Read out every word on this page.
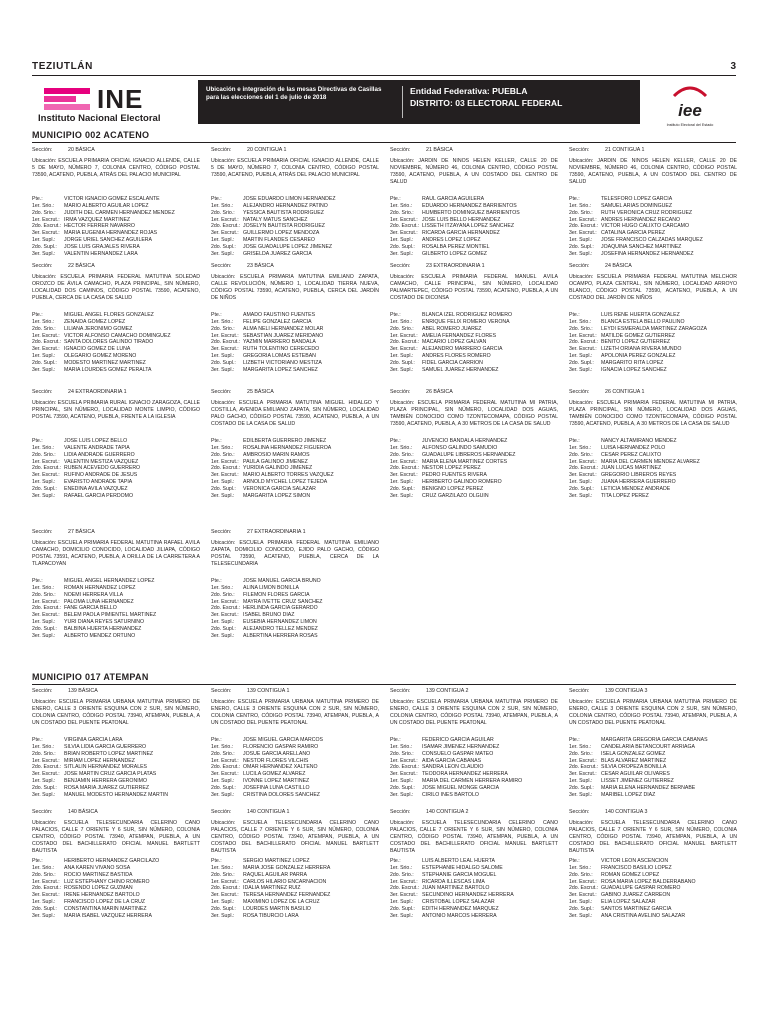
TEZIUTLÁN	3
INE
Instituto Nacional Electoral
Ubicación e integración de las mesas Directivas de Casillas para las elecciones del 1 de julio de 2018
Entidad Federativa: PUEBLA
DISTRITO: 03 ELECTORAL FEDERAL	iee
Instituto Electoral del Estado
MUNICIPIO 002 ACATENO
Sección:	20 BÁSICA
Ubicación: ESCUELA PRIMARIA OFICIAL IGNACIO ALLENDE, CALLE 5 DE MAYO, NÚMERO 7, COLONIA CENTRO, CÓDIGO POSTAL 73590, ACATENO, PUEBLA, ATRÁS DEL PALACIO MUNICIPAL
Pte.:	VICTOR IGNACIO GOMEZ ESCALANTE
1er. Srio.: MARIO ALBERTO AGUILAR LOPEZ
2do. Srio.: JUDITH DEL CARMEN HERNANDEZ MENDEZ
1er. Escrut.: IRMA VAZQUEZ MARTINEZ
2do. Escrut.: HECTOR FERRER NAVARRO
3er. Escrut.: MARIA EUGENIA HERNANDEZ ROJAS
1er. Supl.: JORGE URIEL SANCHEZ AGUILERA
2do. Supl.: JOSE LUIS GRAJALES RIVERA
3er. Supl.: VALENTIN HERNANDEZ LARA
Sección:	20 CONTIGUA 1
Ubicación: ESCUELA PRIMARIA OFICIAL IGNACIO ALLENDE, CALLE 5 DE MAYO, NÚMERO 7, COLONIA CENTRO, CÓDIGO POSTAL 73590, ACATENO, PUEBLA, ATRÁS DEL PALACIO MUNICIPAL
Pte.:	JOSE EDUARDO LIMON HERNANDEZ
1er. Srio.: ALEJANDRO HERNANDEZ PATIÑO
2do. Srio.: YESSICA BAUTISTA RODRIGUEZ
1er. Escrut.: NATALY MATUS SANCHEZ
2do. Escrut.: JOSELYN BAUTISTA RODRIGUEZ
3er. Escrut.: GUILLERMO LOPEZ MENDOZA
1er. Supl.: MARTIN FLANDES CESAREO
2do. Supl.: JOSE GUADALUPE LOPEZ JIMENEZ
3er. Supl.: GRISELDA JUAREZ GARCIA
Sección:	21 BÁSICA
Ubicación: JARDÍN DE NIÑOS HELEN KELLER, CALLE 20 DE NOVIEMBRE, NÚMERO 46, COLONIA CENTRO, CÓDIGO POSTAL 73590, ACATENO, PUEBLA, A UN COSTADO DEL CENTRO DE SALUD
Pte.:	RAUL GARCIA AGUILERA
1er. Srio.: EDUARDO HERNANDEZ BARRIENTOS
2do. Srio.: HUMBERTO DOMINGUEZ BARRIENTOS
1er. Escrut.: JOSE LUIS BELLO HERNANDEZ
2do. Escrut.: LISSETH ITZAYANA LOPEZ SANCHEZ
3er. Escrut.: RICARDA GARCIA HERNANDEZ
1er. Supl.: ANDRES LOPEZ LOPEZ
2do. Supl.: ROSALBA PEREZ MONTIEL
3er. Supl.: GILBERTO LOPEZ GOMEZ
Sección:	21 CONTIGUA 1
Ubicación: JARDÍN DE NIÑOS HELEN KELLER, CALLE 20 DE NOVIEMBRE, NÚMERO 46, COLONIA CENTRO, CÓDIGO POSTAL 73590, ACATENO, PUEBLA, A UN COSTADO DEL CENTRO DE SALUD
Pte.:	TELESFORO LOPEZ GARCIA
1er. Srio.: SAMUEL ARIAS DOMINGUEZ
2do. Srio.: RUTH VERONICA CRUZ RODRIGUEZ
1er. Escrut.: ANDRES HERNANDEZ RECAÑO
2do. Escrut.: VICTOR HUGO CALIXTO CARCAMO
3er. Escrut.: CATALINA GARCIA PEREZ
1er. Supl.: JOSE FRANCISCO CALZADAS MARQUEZ
2do. Supl.: JOAQUINA SANCHEZ MARTINEZ
3er. Supl.: JOSEFINA HERNANDEZ HERNANDEZ
Sección:	22 BÁSICA
Ubicación: ESCUELA PRIMARIA FEDERAL MATUTINA SOLEDAD OROZCO DE ÁVILA CAMACHO, PLAZA PRINCIPAL, SIN NÚMERO, LOCALIDAD DOS CAMINOS, CÓDIGO POSTAL 73590, ACATENO, PUEBLA, CERCA DE LA CASA DE SALUD
Pte.:	MIGUEL ANGEL FLORES GONZALEZ
1er. Srio.: ZENAIDA GOMEZ LOPEZ
2do. Srio.: LILIANA JERONIMO GOMEZ
1er. Escrut.: VICTOR ALFONSO CAMACHO DOMINGUEZ
2do. Escrut.: SANTA DOLORES GALINDO TIRADO
3er. Escrut.: IGNACIO GOMEZ DE LUNA
1er. Supl.: OLEGARIO GOMEZ MORENO
2do. Supl.: MODESTO MARTINEZ MARTINEZ
3er. Supl.: MARIA LOURDES GOMEZ PERALTA
Sección:	23 BÁSICA
Ubicación: ESCUELA PRIMARIA MATUTINA EMILIANO ZAPATA, CALLE REVOLUCIÓN, NÚMERO 1, LOCALIDAD TIERRA NUEVA, CÓDIGO POSTAL 73590, ACATENO, PUEBLA, CERCA DEL JARDÍN DE NIÑOS
Pte.:	AMADO FAUSTINO FUENTES
1er. Srio.: FELIPE GONZALEZ GARCIA
2do. Srio.: ALMA NELI HERNANDEZ MOLAR
1er. Escrut.: SEBASTIAN JUAREZ MERIDANO
2do. Escrut.: YAZMIN MARRERO BANDALA
3er. Escrut.: RUTH TOLENTINO CERECEDO
1er. Supl.: GREGORIA LOMAS ESTEBAN
2do. Supl.: LIZBETH VICTORIANO MESTIZA
3er. Supl.: MARGARITA LOPEZ SANCHEZ
Sección:	23 EXTRAORDINARIA 1
Ubicación: ESCUELA PRIMARIA FEDERAL MANUEL ÁVILA CAMACHO, CALLE PRINCIPAL, SIN NÚMERO, LOCALIDAD PALMARTEPEC, CÓDIGO POSTAL 73590, ACATENO, PUEBLA, A UN COSTADO DE DICONSA
Pte.:	BLANCA IZEL RODRIGUEZ ROMERO
1er. Srio.: ENRIQUE FELIX ROMERO VERONA
2do. Srio.: ABEL ROMERO JUAREZ
1er. Escrut.: AMELIA FERNANDEZ FLORES
2do. Escrut.: MACARIO LOPEZ GALVAN
3er. Escrut.: ALEJANDRO MARRERO GARCIA
1er. Supl.: ANDRES FLORES ROMERO
2do. Supl.: FIDEL GARCIA CARRION
3er. Supl.: SAMUEL JUAREZ HERNANDEZ
Sección:	24 BÁSICA
Ubicación: ESCUELA PRIMARIA FEDERAL MATUTINA MELCHOR OCAMPO, PLAZA CENTRAL, SIN NÚMERO, LOCALIDAD ARROYO BLANCO, CÓDIGO POSTAL 73590, ACATENO, PUEBLA, A UN COSTADO DEL JARDÍN DE NIÑOS
Pte.:	LUIS RENE HUERTA GONZALEZ
1er. Srio.: BLANCA ESTELA BELLO PAULINO
2do. Srio.: LEYDI ESMERALDA MARTINEZ ZARAGOZA
1er. Escrut.: MATILDE GOMEZ GUTIERREZ
2do. Escrut.: BENITO LOPEZ GUTIERREZ
3er. Escrut.: LIZETH ORIANA RIVERA MUNDO
1er. Supl.: APOLONIA PEREZ GONZALEZ
2do. Supl.: MARGARITO RITA LOPEZ
3er. Supl.: IGNACIA LOPEZ SANCHEZ
Sección:	24 EXTRAORDINARIA 1
Ubicación: ESCUELA PRIMARIA RURAL IGNACIO ZARAGOZA, CALLE PRINCIPAL, SIN NÚMERO, LOCALIDAD MONTE LIMPIO, CÓDIGO POSTAL 73590, ACATENO, PUEBLA, FRENTE A LA IGLESIA
Pte.:	JOSE LUIS LOPEZ BELLO
1er. Srio.: VALENTE ANDRADE TAPIA
2do. Srio.: LIDIA ANDRADE GUERRERO
1er. Escrut.: VALENTIN MESTIZA VAZQUEZ
2do. Escrut.: RUBEN ACEVEDO GUERRERO
3er. Escrut.: RUFINO ANDRADE DE JESUS
1er. Supl.: EVARISTO ANDRADE TAPIA
2do. Supl.: ENEDINA AVILA VAZQUEZ
3er. Supl.: RAFAEL GARCIA PERDOMO
Sección:	25 BÁSICA
Ubicación: ESCUELA PRIMARIA MATUTINA MIGUEL HIDALGO Y COSTILLA, AVENIDA EMILIANO ZAPATA, SIN NÚMERO, LOCALIDAD PALO GACHO, CÓDIGO POSTAL 73590, ACATENO, PUEBLA, A UN COSTADO DE LA CASA DE SALUD
Pte.:	EDILBERTA GUERRERO JIMENEZ
1er. Srio.: ROSALINA HERNANDEZ FIGUEROA
2do. Srio.: AMBROSIO MARIN RAMOS
1er. Escrut.: PAULA GALINDO JIMENEZ
2do. Escrut.: YURIDIA GALINDO JIMENEZ
3er. Escrut.: MARIO ALBERTO TORRES VAZQUEZ
1er. Supl.: ARNOLD MYCHEL LOPEZ TEJEDA
2do. Supl.: VERONICA GARCIA SALAZAR
3er. Supl.: MARGARITA LOPEZ SIMON
Sección:	26 BÁSICA
Ubicación: ESCUELA PRIMARIA FEDERAL MATUTINA MI PATRIA, PLAZA PRINCIPAL, SIN NÚMERO, LOCALIDAD DOS AGUAS, TAMBIÉN CONOCIDO COMO TZONTECOMAPA, CÓDIGO POSTAL 73590, ACATENO, PUEBLA, A 30 METROS DE LA CASA DE SALUD
Pte.:	JUVENCIO BANDALA HERNANDEZ
1er. Srio.: ALFONSO GALINDO SAMUDIO
2do. Srio.: GUADALUPE LIBREROS HERNANDEZ
1er. Escrut.: MARIA ELENA MARTINEZ CORTES
2do. Escrut.: NESTOR LOPEZ PEREZ
3er. Escrut.: PEDRO FUENTES RIVERA
1er. Supl.: HERIBERTO GALINDO ROMERO
2do. Supl.: BENIGNO LOPEZ PEREZ
3er. Supl.: CRUZ GARZILAZO OLGUIN
Sección:	26 CONTIGUA 1
Ubicación: ESCUELA PRIMARIA FEDERAL MATUTINA MI PATRIA, PLAZA PRINCIPAL, SIN NÚMERO, LOCALIDAD DOS AGUAS, TAMBIÉN CONOCIDO COMO TZONTECOMAPA, CÓDIGO POSTAL 73590, ACATENO, PUEBLA, A 30 METROS DE LA CASA DE SALUD
Pte.:	NANCY ALTAMIRANO MENDEZ
1er. Srio.: LUISA HERNANDEZ POLO
2do. Srio.: CESAR PEREZ CALIXTO
1er. Escrut.: MARIA DEL CARMEN MENDEZ ALVAREZ
2do. Escrut.: JUAN LUCAS MARTINEZ
3er. Escrut.: GREGORIO LIBREROS REYES
1er. Supl.: JUANA HERRERA GUERRERO
2do. Supl.: LETICIA MENDEZ ANDRADE
3er. Supl.: TITA LOPEZ PEREZ
Sección:	27 BÁSICA
Ubicación: ESCUELA PRIMARIA FEDERAL MATUTINA RAFAEL ÁVILA CAMACHO, DOMICILIO CONOCIDO, LOCALIDAD JILIAPA, CÓDIGO POSTAL 73591, ACATENO, PUEBLA, A ORILLA DE LA CARRETERA A TLAPACOYAN
Pte.:	MIGUEL ANGEL HERNANDEZ LOPEZ
1er. Srio.: ROMAN HERNANDEZ LOPEZ
2do. Srio.: NOEMI HERRERA VILLA
1er. Escrut.: PALOMA LUNA HERNANDEZ
2do. Escrut.: FANE GARCIA BELLO
3er. Escrut.: BELEM PAOLA PIMIENTEL MARTINEZ
1er. Supl.: YURI DIANA REYES SATURNINO
2do. Supl.: BALBINA HUERTA HERNANDEZ
3er. Supl.: ALBERTO MENDEZ ORTUÑO
Sección:	27 EXTRAORDINARIA 1
Ubicación: ESCUELA PRIMARIA FEDERAL MATUTINA EMILIANO ZAPATA, DOMICILIO CONOCIDO, EJIDO PALO GACHO, CÓDIGO POSTAL 73590, ACATENO, PUEBLA, CERCA DE LA TELESECUNDARIA
Pte.:	JOSE MANUEL GARCIA BRUNO
1er. Srio.: ALINA LIMON BONILLA
2do. Srio.: FILEMON FLORES GARCIA
1er. Escrut.: MAYRA IVETTE CRUZ SANCHEZ
2do. Escrut.: HERLINDA GARCIA GERARDO
3er. Escrut.: ISABEL BRUNO DIAZ
1er. Supl.: EUSEBIA HERNANDEZ LIMON
2do. Supl.: ALEJANDRO TELLEZ MENDEZ
3er. Supl.: ALBERTINA HERRERA ROSAS
MUNICIPIO 017 ATEMPAN
Sección:	139 BÁSICA
Ubicación: ESCUELA PRIMARIA URBANA MATUTINA PRIMERO DE ENERO, CALLE 3 ORIENTE ESQUINA CON 2 SUR, SIN NÚMERO, COLONIA CENTRO, CÓDIGO POSTAL 73940, ATEMPAN, PUEBLA, A UN COSTADO DEL PUENTE PEATONAL
Pte.:	VIRGINIA GARCIA LARA
1er. Srio.: SILVIA LIDIA GARCIA GUERRERO
2do. Srio.: BRIAN ROBERTO LOPEZ MARTINEZ
1er. Escrut.: MIRIAM LOPEZ HERNANDEZ
2do. Escrut.: SITLALIN HERNANDEZ MORALES
3er. Escrut.: JOSE MARTIN CRUZ GARCIA PLATAS
1er. Supl.: BENJAMIN HERRERA GERONIMO
2do. Supl.: ROSA MARIA JUAREZ GUTIERREZ
3er. Supl.: MANUEL MODESTO HERNANDEZ MARTIN
Sección:	139 CONTIGUA 1
Ubicación: ESCUELA PRIMARIA URBANA MATUTINA PRIMERO DE ENERO, CALLE 3 ORIENTE ESQUINA CON 2 SUR, SIN NÚMERO, COLONIA CENTRO, CÓDIGO POSTAL 73940, ATEMPAN, PUEBLA, A UN COSTADO DEL PUENTE PEATONAL
Pte.:	JOSE MIGUEL GARCIA MARCOS
1er. Srio.: FLORENCIO GASPAR RAMIRO
2do. Srio.: JOSUE GARCIA ARELLANO
1er. Escrut.: NESTOR FLORES VILCHIS
2do. Escrut.: OMAR HERNANDEZ XALTENO
3er. Escrut.: LUCILA GOMEZ ALVAREZ
1er. Supl.: IVONNE LOPEZ MARTINEZ
2do. Supl.: JOSEFINA LUNA CASTILLO
3er. Supl.: CRISTINA DOLORES SANCHEZ
Sección:	139 CONTIGUA 2
Ubicación: ESCUELA PRIMARIA URBANA MATUTINA PRIMERO DE ENERO, CALLE 3 ORIENTE ESQUINA CON 2 SUR, SIN NÚMERO, COLONIA CENTRO, CÓDIGO POSTAL 73940, ATEMPAN, PUEBLA, A UN COSTADO DEL PUENTE PEATONAL
Pte.:	FEDERICO GARCIA AGUILAR
1er. Srio.: ISAMAR JIMENEZ HERNANDEZ
2do. Srio.: CONSUELO GASPAR MATEO
1er. Escrut.: AIDA GARCIA CABAÑAS
2do. Escrut.: SANDRA LEON CLAUDIO
3er. Escrut.: TEODORA HERNANDEZ HERRERA
1er. Supl.: MARIA DEL CARMEN HERRERA RAMIRO
2do. Supl.: JOSE MIGUEL MONGE GARCIA
3er. Supl.: CIRILO INES BARTOLO
Sección:	139 CONTIGUA 3
Ubicación: ESCUELA PRIMARIA URBANA MATUTINA PRIMERO DE ENERO, CALLE 3 ORIENTE ESQUINA CON 2 SUR, SIN NÚMERO, COLONIA CENTRO, CÓDIGO POSTAL 73940, ATEMPAN, PUEBLA, A UN COSTADO DEL PUENTE PEATONAL
Pte.:	MARGARITA GREGORIA GARCIA CABAÑAS
1er. Srio.: CANDELARIA BETANCOURT ARRIAGA
2do. Srio.: ISELA GONZALEZ GOMEZ
1er. Escrut.: BLAS ALVAREZ MARTINEZ
2do. Escrut.: SILVIA OROPEZA BONILLA
3er. Escrut.: CESAR AGUILAR OLIVARES
1er. Supl.: LISSET JIMENEZ GUTIERREZ
2do. Supl.: MARIA ELENA HERNANDEZ BERNABE
3er. Supl.: MARIBEL LOPEZ DIAZ
Sección:	140 BÁSICA
Ubicación: ESCUELA TELESECUNDARIA CELERINO CANO PALACIOS, CALLE 7 ORIENTE Y 6 SUR, SIN NÚMERO, COLONIA CENTRO, CÓDIGO POSTAL 73940, ATEMPAN, PUEBLA, A UN COSTADO DEL BACHILLERATO OFICIAL MANUEL BARTLETT BAUTISTA
Pte.:	HERIBERTO HERNANDEZ GARCILAZO
1er. Srio.: ANA KAREN VIVANO SOSA
2do. Srio.: ROCIO MARTINEZ BASTIDA
1er. Escrut.: LUZ ESTEPHANY CHINO ROMERO
2do. Escrut.: ROSENDO LOPEZ GUZMAN
3er. Escrut.: IRENE HERNANDEZ BARTOLO
1er. Supl.: FRANCISCO LOPEZ DE LA CRUZ
2do. Supl.: CONSTANTINA MARIN MARTINEZ
3er. Supl.: MARIA ISABEL VAZQUEZ HERRERA
Sección:	140 CONTIGUA 1
Ubicación: ESCUELA TELESECUNDARIA CELERINO CANO PALACIOS, CALLE 7 ORIENTE Y 6 SUR, SIN NÚMERO, COLONIA CENTRO, CÓDIGO POSTAL 73940, ATEMPAN, PUEBLA, A UN COSTADO DEL BACHILLERATO OFICIAL MANUEL BARTLETT BAUTISTA
Pte.:	SERGIO MARTINEZ LOPEZ
1er. Srio.: MARIA JOSE GONZALEZ HERRERA
2do. Srio.: RAQUEL AGUILAR PARRA
1er. Escrut.: CARLOS HILARIO ENCARNACION
2do. Escrut.: IDALIA MARTINEZ RUIZ
3er. Escrut.: TERESA HERNANDEZ FERNANDEZ
1er. Supl.: MAXIMINO LOPEZ DE LA CRUZ
2do. Supl.: LOURDES MARTIN BASILIO
3er. Supl.: ROSA TIBURCIO LARA
Sección:	140 CONTIGUA 2
Ubicación: ESCUELA TELESECUNDARIA CELERINO CANO PALACIOS, CALLE 7 ORIENTE Y 6 SUR, SIN NÚMERO, COLONIA CENTRO, CÓDIGO POSTAL 73940, ATEMPAN, PUEBLA, A UN COSTADO DEL BACHILLERATO OFICIAL MANUEL BARTLETT BAUTISTA
Pte.:	LUIS ALBERTO LEAL HUERTA
1er. Srio.: ESTEPHANIE HIDALGO SALOME
2do. Srio.: STEPHANIE GARCIA MOGUEL
1er. Escrut.: RICARDA ILLESCAS LIMA
2do. Escrut.: JUAN MARTINEZ BARTOLO
3er. Escrut.: SECUNDINO HERNANDEZ HERRERA
1er. Supl.: CRISTOBAL LOPEZ SALAZAR
2do. Supl.: EDITH HERNANDEZ MARQUEZ
3er. Supl.: ANTONIO MARCOS HERRERA
Sección:	140 CONTIGUA 3
Ubicación: ESCUELA TELESECUNDARIA CELERINO CANO PALACIOS, CALLE 7 ORIENTE Y 6 SUR, SIN NÚMERO, COLONIA CENTRO, CÓDIGO POSTAL 73940, ATEMPAN, PUEBLA, A UN COSTADO DEL BACHILLERATO OFICIAL MANUEL BARTLETT BAUTISTA
Pte.:	VICTOR LEON ASCENCION
1er. Srio.: FRANCISCO BASILIO LOPEZ
2do. Srio.: ROMAN GOMEZ LOPEZ
1er. Escrut.: ROSA MARIA LOPEZ BALDERRABANO
2do. Escrut.: GUADALUPE GASPAR ROMERO
3er. Escrut.: GABINO JUAREZ CARREON
1er. Supl.: ELIA LOPEZ SALAZAR
2do. Supl.: SANTOS MARTINEZ GARCIA
3er. Supl.: ANA CRISTINA AVELINO SALAZAR
